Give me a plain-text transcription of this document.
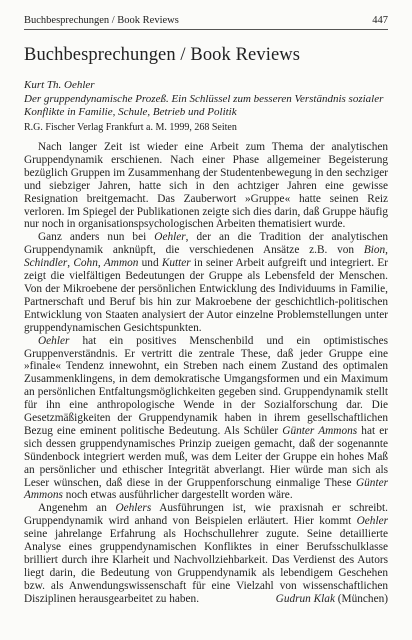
Buchbesprechungen / Book Reviews	447
Buchbesprechungen / Book Reviews
Kurt Th. Oehler
Der gruppendynamische Prozeß. Ein Schlüssel zum besseren Verständnis sozialer Konflikte in Familie, Schule, Betrieb und Politik
R.G. Fischer Verlag Frankfurt a. M. 1999, 268 Seiten

Nach langer Zeit ist wieder eine Arbeit zum Thema der analytischen Gruppendynamik erschienen. Nach einer Phase allgemeiner Begeisterung bezüglich Gruppen im Zusammenhang der Studentenbewegung in den sechziger und siebziger Jahren, hatte sich in den achtziger Jahren eine gewisse Resignation breitgemacht. Das Zauberwort »Gruppe« hatte seinen Reiz verloren. Im Spiegel der Publikationen zeigte sich dies darin, daß Gruppe häufig nur noch in organisationspsychologischen Arbeiten thematisiert wurde.

Ganz anders nun bei Oehler, der an die Tradition der analytischen Gruppendynamik anknüpft, die verschiedenen Ansätze z.B. von Bion, Schindler, Cohn, Ammon und Kutter in seiner Arbeit aufgreift und integriert. Er zeigt die vielfältigen Bedeutungen der Gruppe als Lebensfeld der Menschen. Von der Mikroebene der persönlichen Entwicklung des Individuums in Familie, Partnerschaft und Beruf bis hin zur Makroebene der geschichtlich-politischen Entwicklung von Staaten analysiert der Autor einzelne Problemstellungen unter gruppendynamischen Gesichtspunkten.

Oehler hat ein positives Menschenbild und ein optimistisches Gruppenverständnis. Er vertritt die zentrale These, daß jeder Gruppe eine »finale« Tendenz innewohnt, ein Streben nach einem Zustand des optimalen Zusammenklingens, in dem demokratische Umgangsformen und ein Maximum an persönlichen Entfaltungsmöglichkeiten gegeben sind. Gruppendynamik stellt für ihn eine anthropologische Wende in der Sozialforschung dar. Die Gesetzmäßigkeiten der Gruppendynamik haben in ihrem gesellschaftlichen Bezug eine eminent politische Bedeutung. Als Schüler Günter Ammons hat er sich dessen gruppendynamisches Prinzip zueigen gemacht, daß der sogenannte Sündenbock integriert werden muß, was dem Leiter der Gruppe ein hohes Maß an persönlicher und ethischer Integrität abverlangt. Hier würde man sich als Leser wünschen, daß diese in der Gruppenforschung einmalige These Günter Ammons noch etwas ausführlicher dargestellt worden wäre.

Angenehm an Oehlers Ausführungen ist, wie praxisnah er schreibt. Gruppendynamik wird anhand von Beispielen erläutert. Hier kommt Oehler seine jahrelange Erfahrung als Hochschullehrer zugute. Seine detaillierte Analyse eines gruppendynamischen Konfliktes in einer Berufsschulklasse brilliert durch ihre Klarheit und Nachvollziehbarkeit. Das Verdienst des Autors liegt darin, die Bedeutung von Gruppendynamik als lebendigem Geschehen bzw. als Anwendungswissenschaft für eine Vielzahl von wissenschaftlichen Disziplinen herausgearbeitet zu haben.	Gudrun Klak (München)
